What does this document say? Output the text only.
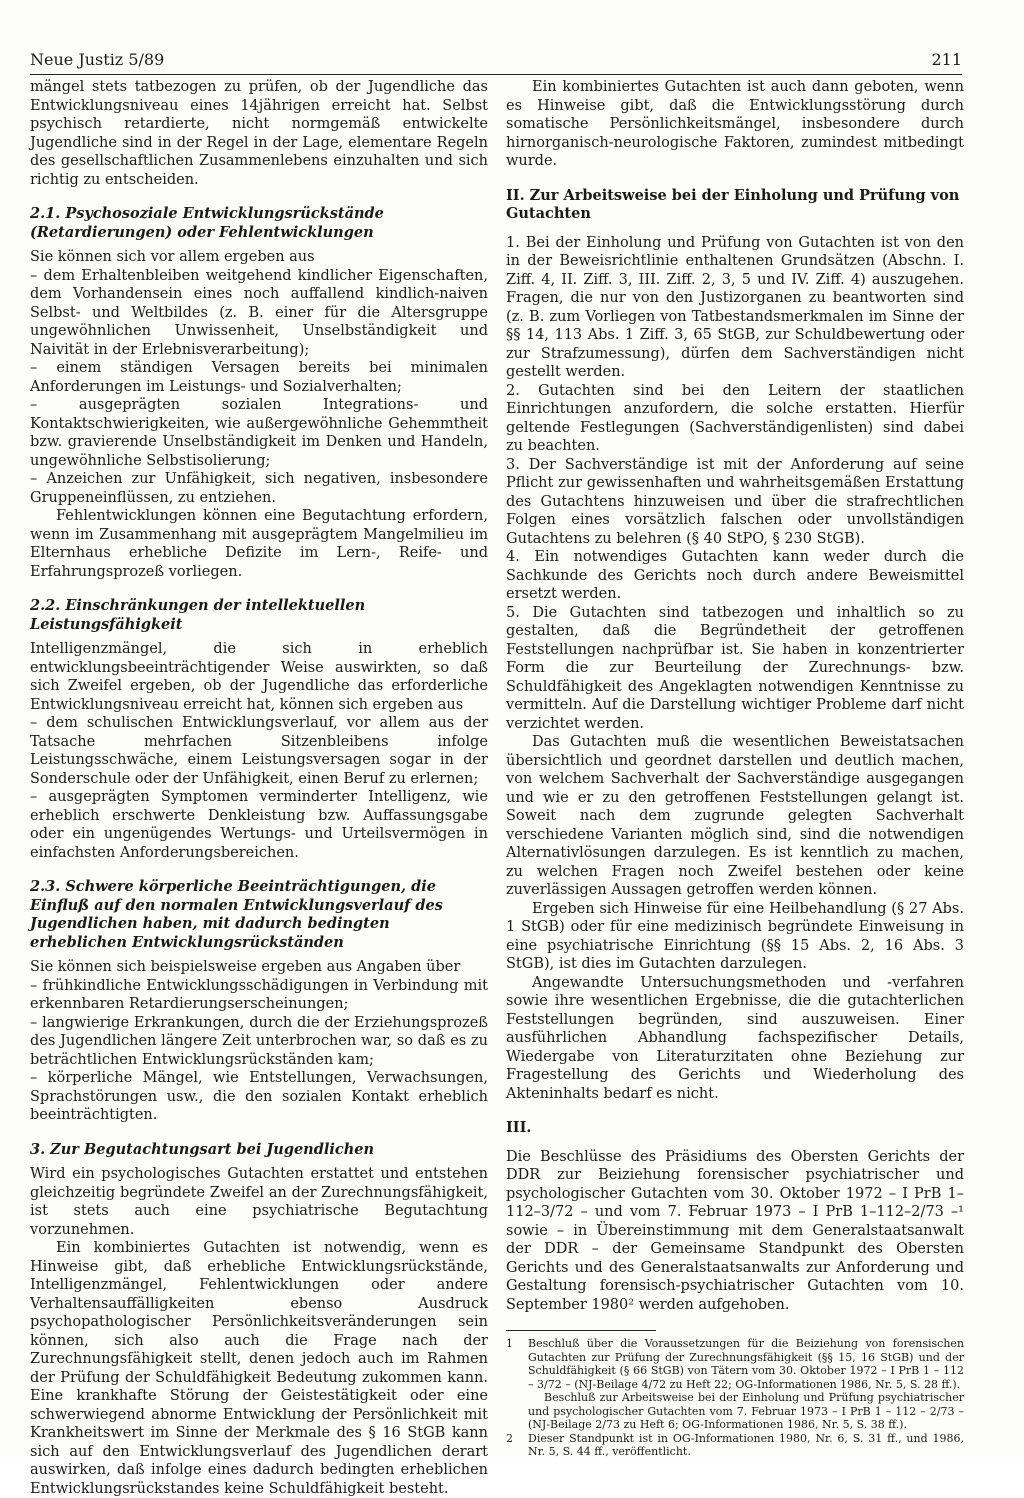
Neue Justiz 5/89	211

mängel stets tatbezogen zu prüfen, ob der Jugendliche das Entwicklungsniveau eines 14jährigen erreicht hat. Selbst psychisch retardierte, nicht normgemäß entwickelte Jugendliche sind in der Regel in der Lage, elementare Regeln des gesellschaftlichen Zusammenlebens einzuhalten und sich richtig zu entscheiden.

2.1. Psychosoziale Entwicklungsrückstände (Retardierungen) oder Fehlentwicklungen

Sie können sich vor allem ergeben aus

– dem Erhaltenbleiben weitgehend kindlicher Eigenschaften, dem Vorhandensein eines noch auffallend kindlich-naiven Selbst- und Weltbildes (z. B. einer für die Altersgruppe ungewöhnlichen Unwissenheit, Unselbständigkeit und Naivität in der Erlebnisverarbeitung);

– einem ständigen Versagen bereits bei minimalen Anforderungen im Leistungs- und Sozialverhalten;

– ausgeprägten sozialen Integrations- und Kontaktschwierigkeiten, wie außergewöhnliche Gehemmtheit bzw. gravierende Unselbständigkeit im Denken und Handeln, ungewöhnliche Selbstisolierung;

– Anzeichen zur Unfähigkeit, sich negativen, insbesondere Gruppeneinflüssen, zu entziehen.

Fehlentwicklungen können eine Begutachtung erfordern, wenn im Zusammenhang mit ausgeprägtem Mangelmilieu im Elternhaus erhebliche Defizite im Lern-, Reife- und Erfahrungsprozeß vorliegen.

2.2. Einschränkungen der intellektuellen Leistungsfähigkeit

Intelligenzmängel, die sich in erheblich entwicklungsbeeinträchtigender Weise auswirkten, so daß sich Zweifel ergeben, ob der Jugendliche das erforderliche Entwicklungsniveau erreicht hat, können sich ergeben aus

– dem schulischen Entwicklungsverlauf, vor allem aus der Tatsache mehrfachen Sitzenbleibens infolge Leistungsschwäche, einem Leistungsversagen sogar in der Sonderschule oder der Unfähigkeit, einen Beruf zu erlernen;

– ausgeprägten Symptomen verminderter Intelligenz, wie erheblich erschwerte Denkleistung bzw. Auffassungsgabe oder ein ungenügendes Wertungs- und Urteilsvermögen in einfachsten Anforderungsbereichen.

2.3. Schwere körperliche Beeinträchtigungen, die Einfluß auf den normalen Entwicklungsverlauf des Jugendlichen haben, mit dadurch bedingten erheblichen Entwicklungsrückständen

Sie können sich beispielsweise ergeben aus Angaben über

– frühkindliche Entwicklungsschädigungen in Verbindung mit erkennbaren Retardierungserscheinungen;

– langwierige Erkrankungen, durch die der Erziehungsprozeß des Jugendlichen längere Zeit unterbrochen war, so daß es zu beträchtlichen Entwicklungsrückständen kam;

– körperliche Mängel, wie Entstellungen, Verwachsungen, Sprachstörungen usw., die den sozialen Kontakt erheblich beeinträchtigten.

3. Zur Begutachtungsart bei Jugendlichen

Wird ein psychologisches Gutachten erstattet und entstehen gleichzeitig begründete Zweifel an der Zurechnungsfähigkeit, ist stets auch eine psychiatrische Begutachtung vorzunehmen.

Ein kombiniertes Gutachten ist notwendig, wenn es Hinweise gibt, daß erhebliche Entwicklungsrückstände, Intelligenzmängel, Fehlentwicklungen oder andere Verhaltensauffälligkeiten ebenso Ausdruck psychopathologischer Persönlichkeitsveränderungen sein können, sich also auch die Frage nach der Zurechnungsfähigkeit stellt, denen jedoch auch im Rahmen der Prüfung der Schuldfähigkeit Bedeutung zukommen kann. Eine krankhafte Störung der Geistestätigkeit oder eine schwerwiegend abnorme Entwicklung der Persönlichkeit mit Krankheitswert im Sinne der Merkmale des § 16 StGB kann sich auf den Entwicklungsverlauf des Jugendlichen derart auswirken, daß infolge eines dadurch bedingten erheblichen Entwicklungsrückstandes keine Schuldfähigkeit besteht.

Ein kombiniertes Gutachten ist auch dann geboten, wenn es Hinweise gibt, daß die Entwicklungsstörung durch somatische Persönlichkeitsmängel, insbesondere durch hirnorganisch-neurologische Faktoren, zumindest mitbedingt wurde.

II. Zur Arbeitsweise bei der Einholung und Prüfung von Gutachten

1. Bei der Einholung und Prüfung von Gutachten ist von den in der Beweisrichtlinie enthaltenen Grundsätzen (Abschn. I. Ziff. 4, II. Ziff. 3, III. Ziff. 2, 3, 5 und IV. Ziff. 4) auszugehen. Fragen, die nur von den Justizorganen zu beantworten sind (z. B. zum Vorliegen von Tatbestandsmerkmalen im Sinne der §§ 14, 113 Abs. 1 Ziff. 3, 65 StGB, zur Schuldbewertung oder zur Strafzumessung), dürfen dem Sachverständigen nicht gestellt werden.

2. Gutachten sind bei den Leitern der staatlichen Einrichtungen anzufordern, die solche erstatten. Hierfür geltende Festlegungen (Sachverständigenlisten) sind dabei zu beachten.

3. Der Sachverständige ist mit der Anforderung auf seine Pflicht zur gewissenhaften und wahrheitsgemäßen Erstattung des Gutachtens hinzuweisen und über die strafrechtlichen Folgen eines vorsätzlich falschen oder unvollständigen Gutachtens zu belehren (§ 40 StPO, § 230 StGB).

4. Ein notwendiges Gutachten kann weder durch die Sachkunde des Gerichts noch durch andere Beweismittel ersetzt werden.

5. Die Gutachten sind tatbezogen und inhaltlich so zu gestalten, daß die Begründetheit der getroffenen Feststellungen nachprüfbar ist. Sie haben in konzentrierter Form die zur Beurteilung der Zurechnungs- bzw. Schuldfähigkeit des Angeklagten notwendigen Kenntnisse zu vermitteln. Auf die Darstellung wichtiger Probleme darf nicht verzichtet werden.

Das Gutachten muß die wesentlichen Beweistatsachen übersichtlich und geordnet darstellen und deutlich machen, von welchem Sachverhalt der Sachverständige ausgegangen und wie er zu den getroffenen Feststellungen gelangt ist. Soweit nach dem zugrunde gelegten Sachverhalt verschiedene Varianten möglich sind, sind die notwendigen Alternativlösungen darzulegen. Es ist kenntlich zu machen, zu welchen Fragen noch Zweifel bestehen oder keine zuverlässigen Aussagen getroffen werden können.

Ergeben sich Hinweise für eine Heilbehandlung (§ 27 Abs. 1 StGB) oder für eine medizinisch begründete Einweisung in eine psychiatrische Einrichtung (§§ 15 Abs. 2, 16 Abs. 3 StGB), ist dies im Gutachten darzulegen.

Angewandte Untersuchungsmethoden und -verfahren sowie ihre wesentlichen Ergebnisse, die die gutachterlichen Feststellungen begründen, sind auszuweisen. Einer ausführlichen Abhandlung fachspezifischer Details, Wiedergabe von Literaturzitaten ohne Beziehung zur Fragestellung des Gerichts und Wiederholung des Akteninhalts bedarf es nicht.

III.

Die Beschlüsse des Präsidiums des Obersten Gerichts der DDR zur Beiziehung forensischer psychiatrischer und psychologischer Gutachten vom 30. Oktober 1972 – I PrB 1–112–3/72 – und vom 7. Februar 1973 – I PrB 1–112–2/73 –¹ sowie – in Übereinstimmung mit dem Generalstaatsanwalt der DDR – der Gemeinsame Standpunkt des Obersten Gerichts und des Generalstaatsanwalts zur Anforderung und Gestaltung forensisch-psychiatrischer Gutachten vom 10. September 1980² werden aufgehoben.

1 Beschluß über die Voraussetzungen für die Beiziehung von forensischen Gutachten zur Prüfung der Zurechnungsfähigkeit (§§ 15, 16 StGB) und der Schuldfähigkeit (§ 66 StGB) von Tätern vom 30. Oktober 1972 – I PrB 1 – 112 – 3/72 – (NJ-Beilage 4/72 zu Heft 22; OG-Informationen 1986, Nr. 5, S. 28 ff.).

Beschluß zur Arbeitsweise bei der Einholung und Prüfung psychiatrischer und psychologischer Gutachten vom 7. Februar 1973 – I PrB 1 – 112 – 2/73 – (NJ-Beilage 2/73 zu Heft 6; OG-Informationen 1986, Nr. 5, S. 38 ff.).

2 Dieser Standpunkt ist in OG-Informationen 1980, Nr. 6, S. 31 ff., und 1986, Nr. 5, S. 44 ff., veröffentlicht.
